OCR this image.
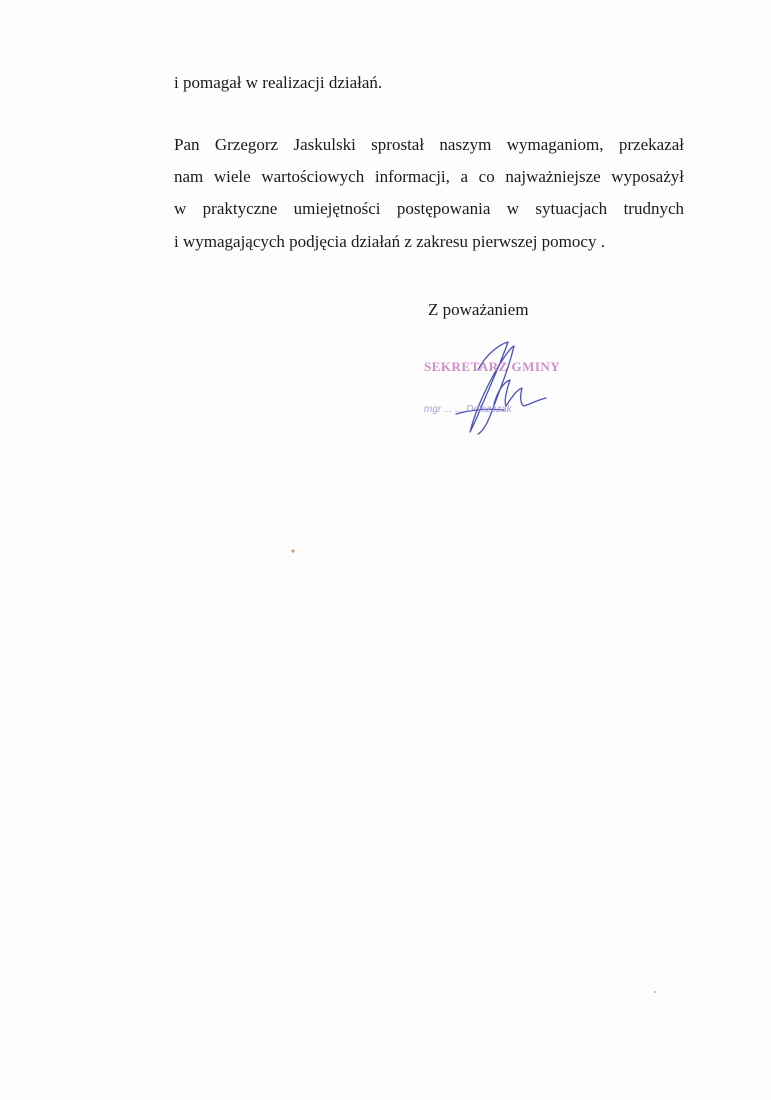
i pomagał w realizacji działań.
Pan Grzegorz Jaskulski sprostał naszym wymaganiom, przekazał
nam wiele wartościowych informacji, a co najważniejsze wyposażył
w praktyczne umiejętności postępowania w sytuacjach trudnych
i wymagających podjęcia działań z zakresu pierwszej pomocy .
Z poważaniem
SEKRETARZ GMINY
mgr ... ... Dolszczak
